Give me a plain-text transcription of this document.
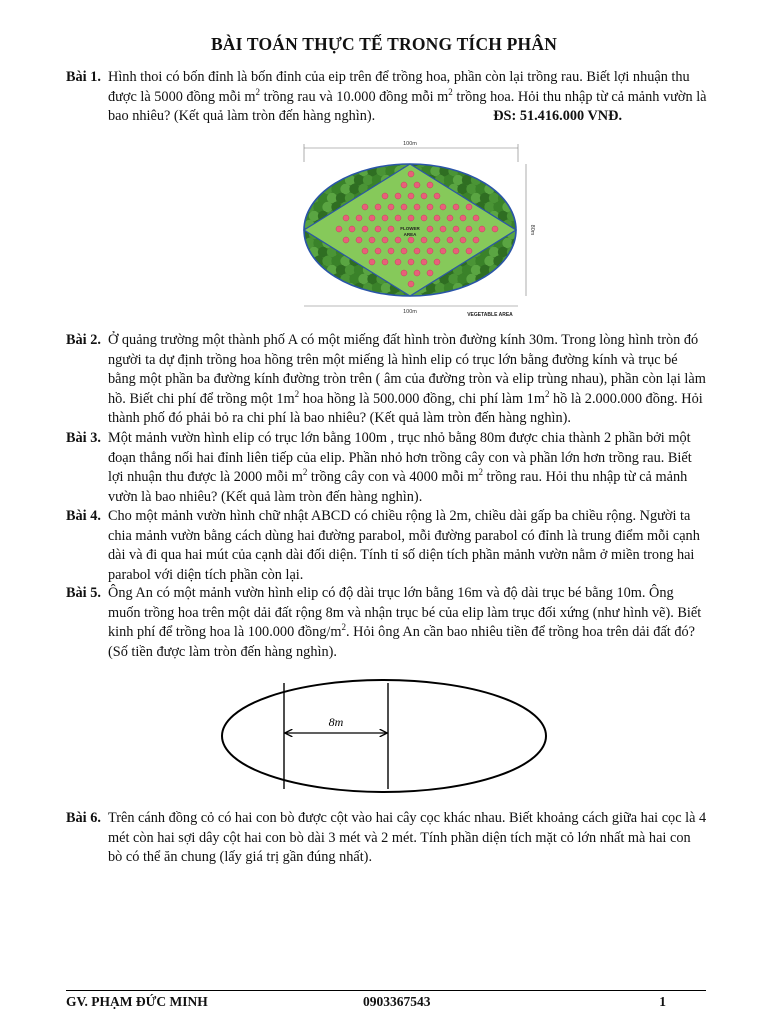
BÀI TOÁN THỰC TẾ TRONG TÍCH PHÂN
Bài 1. Hình thoi có bốn đỉnh là bốn đỉnh của eip trên để trồng hoa, phần còn lại trồng rau. Biết lợi nhuận thu
được là 5000 đồng mỗi $m^2$ trồng rau và 10.000 đồng mỗi $m^2$ trồng hoa. Hỏi thu nhập từ cả mảnh vườn là
bao nhiêu? (Kết quả làm tròn đến hàng nghìn).	ĐS: 51.416.000 VNĐ.
100m
100m
80m
FLOWER
AREA
VEGETABLE AREA
Bài 2. Ở quảng trường một thành phố A có một miếng đất hình tròn đường kính 30m. Trong lòng hình tròn đó
người ta dự định trồng hoa hồng trên một miếng là hình elip có trục lớn bằng đường kính và trục bé
bằng một phần ba đường kính đường tròn trên ( âm của đường tròn và elip trùng nhau), phần còn lại làm
hồ. Biết chi phí để trồng một $1m^2$ hoa hồng là 500.000 đồng, chi phí làm $1m^2$ hồ là 2.000.000 đồng. Hỏi
thành phố đó phải bỏ ra chi phí là bao nhiêu? (Kết quả làm tròn đến hàng nghìn).
Bài 3. Một mảnh vườn hình elip có trục lớn bằng 100m , trục nhỏ bằng 80m được chia thành 2 phần bởi một
đoạn thẳng nối hai đỉnh liên tiếp của elip. Phần nhỏ hơn trồng cây con và phần lớn hơn trồng rau. Biết
lợi nhuận thu được là 2000 mỗi $m^2$ trồng cây con và 4000 mỗi $m^2$ trồng rau. Hỏi thu nhập từ cả mảnh
vườn là bao nhiêu? (Kết quả làm tròn đến hàng nghìn).
Bài 4. Cho một mảnh vườn hình chữ nhật ABCD có chiều rộng là 2m, chiều dài gấp ba chiều rộng. Người ta
chia mảnh vườn bằng cách dùng hai đường parabol, mỗi đường parabol có đỉnh là trung điểm mỗi cạnh
dài và đi qua hai mút của cạnh dài đối diện. Tính tỉ số diện tích phần mảnh vườn nằm ở miền trong hai
parabol với diện tích phần còn lại.
Bài 5. Ông An có một mảnh vườn hình elip có độ dài trục lớn bằng 16m và độ dài trục bé bằng 10m. Ông
muốn trồng hoa trên một dải đất rộng 8m và nhận trục bé của elip làm trục đối xứng (như hình vẽ). Biết
kinh phí để trồng hoa là 100.000 đồng/$m^2$. Hỏi ông An cần bao nhiêu tiền để trồng hoa trên dải đất đó?
(Số tiền được làm tròn đến hàng nghìn).
8m
Bài 6. Trên cánh đồng cỏ có hai con bò được cột vào hai cây cọc khác nhau. Biết khoảng cách giữa hai cọc là 4
mét còn hai sợi dây cột hai con bò dài 3 mét và 2 mét. Tính phần diện tích mặt cỏ lớn nhất mà hai con
bò có thể ăn chung (lấy giá trị gần đúng nhất).
GV. PHẠM ĐỨC MINH	0903367543	1
